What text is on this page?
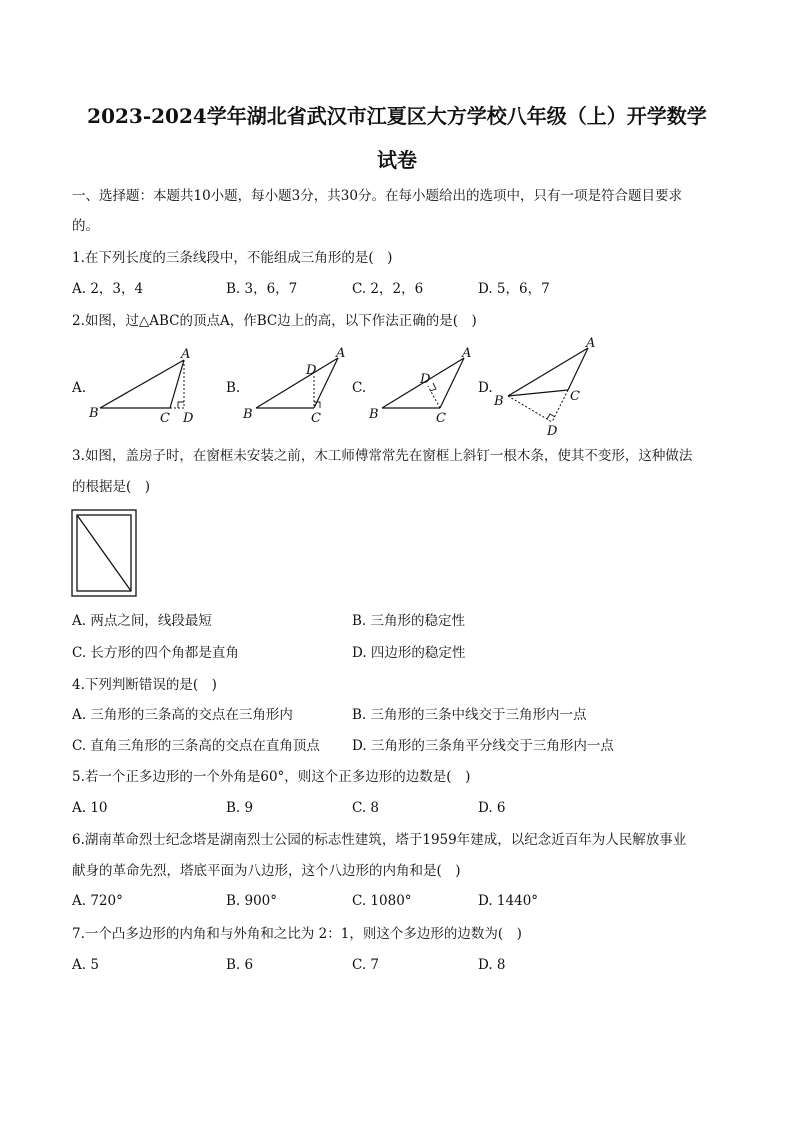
2023-2024学年湖北省武汉市江夏区大方学校八年级（上）开学数学
试卷
一、选择题：本题共10小题，每小题3分，共30分。在每小题给出的选项中，只有一项是符合题目要求
的。
1.在下列长度的三条线段中，不能组成三角形的是(　)
A. 2，3，4	B. 3，6，7	C. 2，2，6	D. 5，6，7
2.如图，过△ABC的顶点A，作BC边上的高，以下作法正确的是(　)
A.
A
B	C D
B.
A
B	C
D
C.
A
B	C
D
D.
A
B	C
D
3.如图，盖房子时，在窗框未安装之前，木工师傅常常先在窗框上斜钉一根木条，使其不变形，这种做法
的根据是(　)
A. 两点之间，线段最短	B. 三角形的稳定性
C. 长方形的四个角都是直角	D. 四边形的稳定性
4.下列判断错误的是(　)
A. 三角形的三条高的交点在三角形内	B. 三角形的三条中线交于三角形内一点
C. 直角三角形的三条高的交点在直角顶点 D. 三角形的三条角平分线交于三角形内一点
5.若一个正多边形的一个外角是60°，则这个正多边形的边数是(　)
A. 10	B. 9	C. 8	D. 6
6.湖南革命烈士纪念塔是湖南烈士公园的标志性建筑，塔于1959年建成，以纪念近百年为人民解放事业
献身的革命先烈，塔底平面为八边形，这个八边形的内角和是(　)
A. 720°	B. 900°	C. 1080°	D. 1440°
7.一个凸多边形的内角和与外角和之比为 2：1，则这个多边形的边数为(　)
A. 5	B. 6	C. 7	D. 8
